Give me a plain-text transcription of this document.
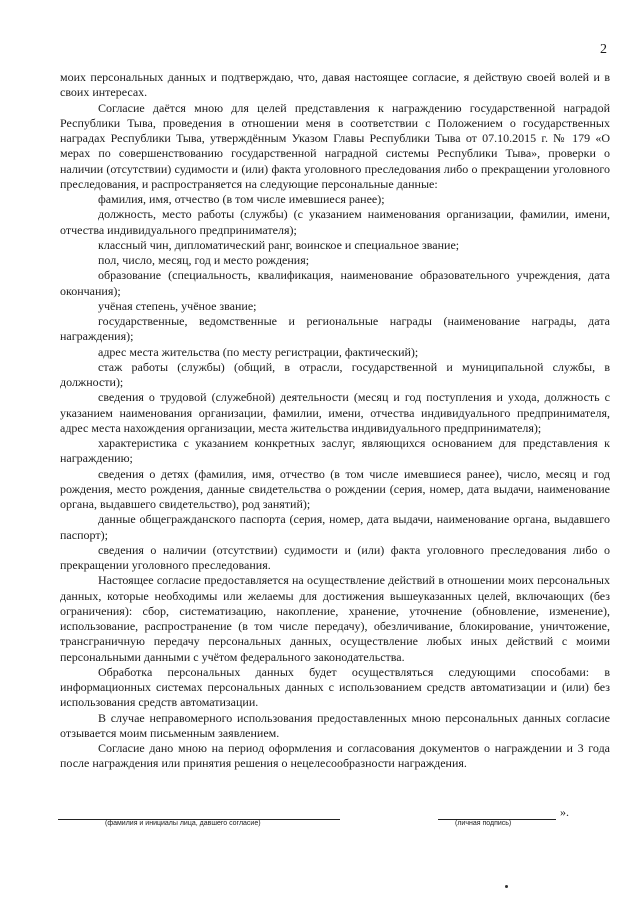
2

моих персональных данных и подтверждаю, что, давая настоящее согласие, я действую своей волей и в своих интересах.

Согласие даётся мною для целей представления к награждению государственной наградой Республики Тыва, проведения в отношении меня в соответствии с Положением о государственных наградах Республики Тыва, утверждённым Указом Главы Республики Тыва от 07.10.2015 г. № 179 «О мерах по совершенствованию государственной наградной системы Республики Тыва», проверки о наличии (отсутствии) судимости и (или) факта уголовного преследования либо о прекращении уголовного преследования, и распространяется на следующие персональные данные:

фамилия, имя, отчество (в том числе имевшиеся ранее);

должность, место работы (службы) (с указанием наименования организации, фамилии, имени, отчества индивидуального предпринимателя);

классный чин, дипломатический ранг, воинское и специальное звание;

пол, число, месяц, год и место рождения;

образование (специальность, квалификация, наименование образовательного учреждения, дата окончания);

учёная степень, учёное звание;

государственные, ведомственные и региональные награды (наименование награды, дата награждения);

адрес места жительства (по месту регистрации, фактический);

стаж работы (службы) (общий, в отрасли, государственной и муниципальной службы, в должности);

сведения о трудовой (служебной) деятельности (месяц и год поступления и ухода, должность с указанием наименования организации, фамилии, имени, отчества индивидуального предпринимателя, адрес места нахождения организации, места жительства индивидуального предпринимателя);

характеристика с указанием конкретных заслуг, являющихся основанием для представления к награждению;

сведения о детях (фамилия, имя, отчество (в том числе имевшиеся ранее), число, месяц и год рождения, место рождения, данные свидетельства о рождении (серия, номер, дата выдачи, наименование органа, выдавшего свидетельство), род занятий);

данные общегражданского паспорта (серия, номер, дата выдачи, наименование органа, выдавшего паспорт);

сведения о наличии (отсутствии) судимости и (или) факта уголовного преследования либо о прекращении уголовного преследования.

Настоящее согласие предоставляется на осуществление действий в отношении моих персональных данных, которые необходимы или желаемы для достижения вышеуказанных целей, включающих (без ограничения): сбор, систематизацию, накопление, хранение, уточнение (обновление, изменение), использование, распространение (в том числе передачу), обезличивание, блокирование, уничтожение, трансграничную передачу персональных данных, осуществление любых иных действий с моими персональными данными с учётом федерального законодательства.

Обработка персональных данных будет осуществляться следующими способами: в информационных системах персональных данных с использованием средств автоматизации и (или) без использования средств автоматизации.

В случае неправомерного использования предоставленных мною персональных данных согласие отзывается моим письменным заявлением.

Согласие дано мною на период оформления и согласования документов о награждении и 3 года после награждения или принятия решения о нецелесообразности награждения.

(фамилия и инициалы лица, давшего согласие)	(личная подпись)
».
